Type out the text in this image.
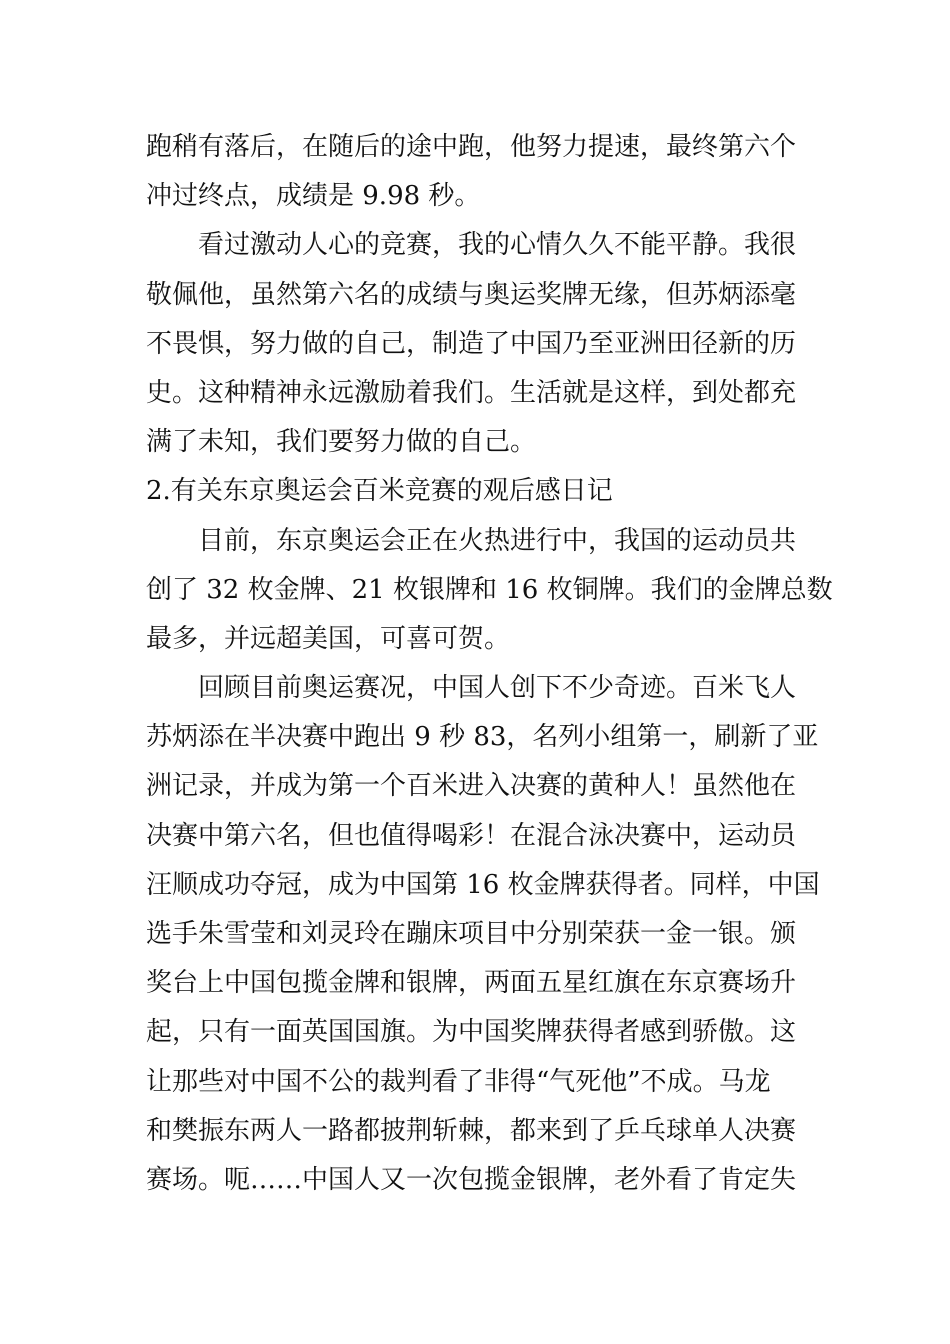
跑稍有落后，在随后的途中跑，他努力提速，最终第六个
冲过终点，成绩是 9.98 秒。
看过激动人心的竞赛，我的心情久久不能平静。我很
敬佩他，虽然第六名的成绩与奥运奖牌无缘，但苏炳添毫
不畏惧，努力做的自己，制造了中国乃至亚洲田径新的历
史。这种精神永远激励着我们。生活就是这样，到处都充
满了未知，我们要努力做的自己。
2.有关东京奥运会百米竞赛的观后感日记
目前，东京奥运会正在火热进行中，我国的运动员共
创了 32 枚金牌、21 枚银牌和 16 枚铜牌。我们的金牌总数
最多，并远超美国，可喜可贺。
回顾目前奥运赛况，中国人创下不少奇迹。百米飞人
苏炳添在半决赛中跑出 9 秒 83，名列小组第一，刷新了亚
洲记录，并成为第一个百米进入决赛的黄种人！虽然他在
决赛中第六名，但也值得喝彩！在混合泳决赛中，运动员
汪顺成功夺冠，成为中国第 16 枚金牌获得者。同样，中国
选手朱雪莹和刘灵玲在蹦床项目中分别荣获一金一银。颁
奖台上中国包揽金牌和银牌，两面五星红旗在东京赛场升
起，只有一面英国国旗。为中国奖牌获得者感到骄傲。这
让那些对中国不公的裁判看了非得“气死他”不成。马龙
和樊振东两人一路都披荆斩棘，都来到了乒乓球单人决赛
赛场。呃……中国人又一次包揽金银牌，老外看了肯定失
